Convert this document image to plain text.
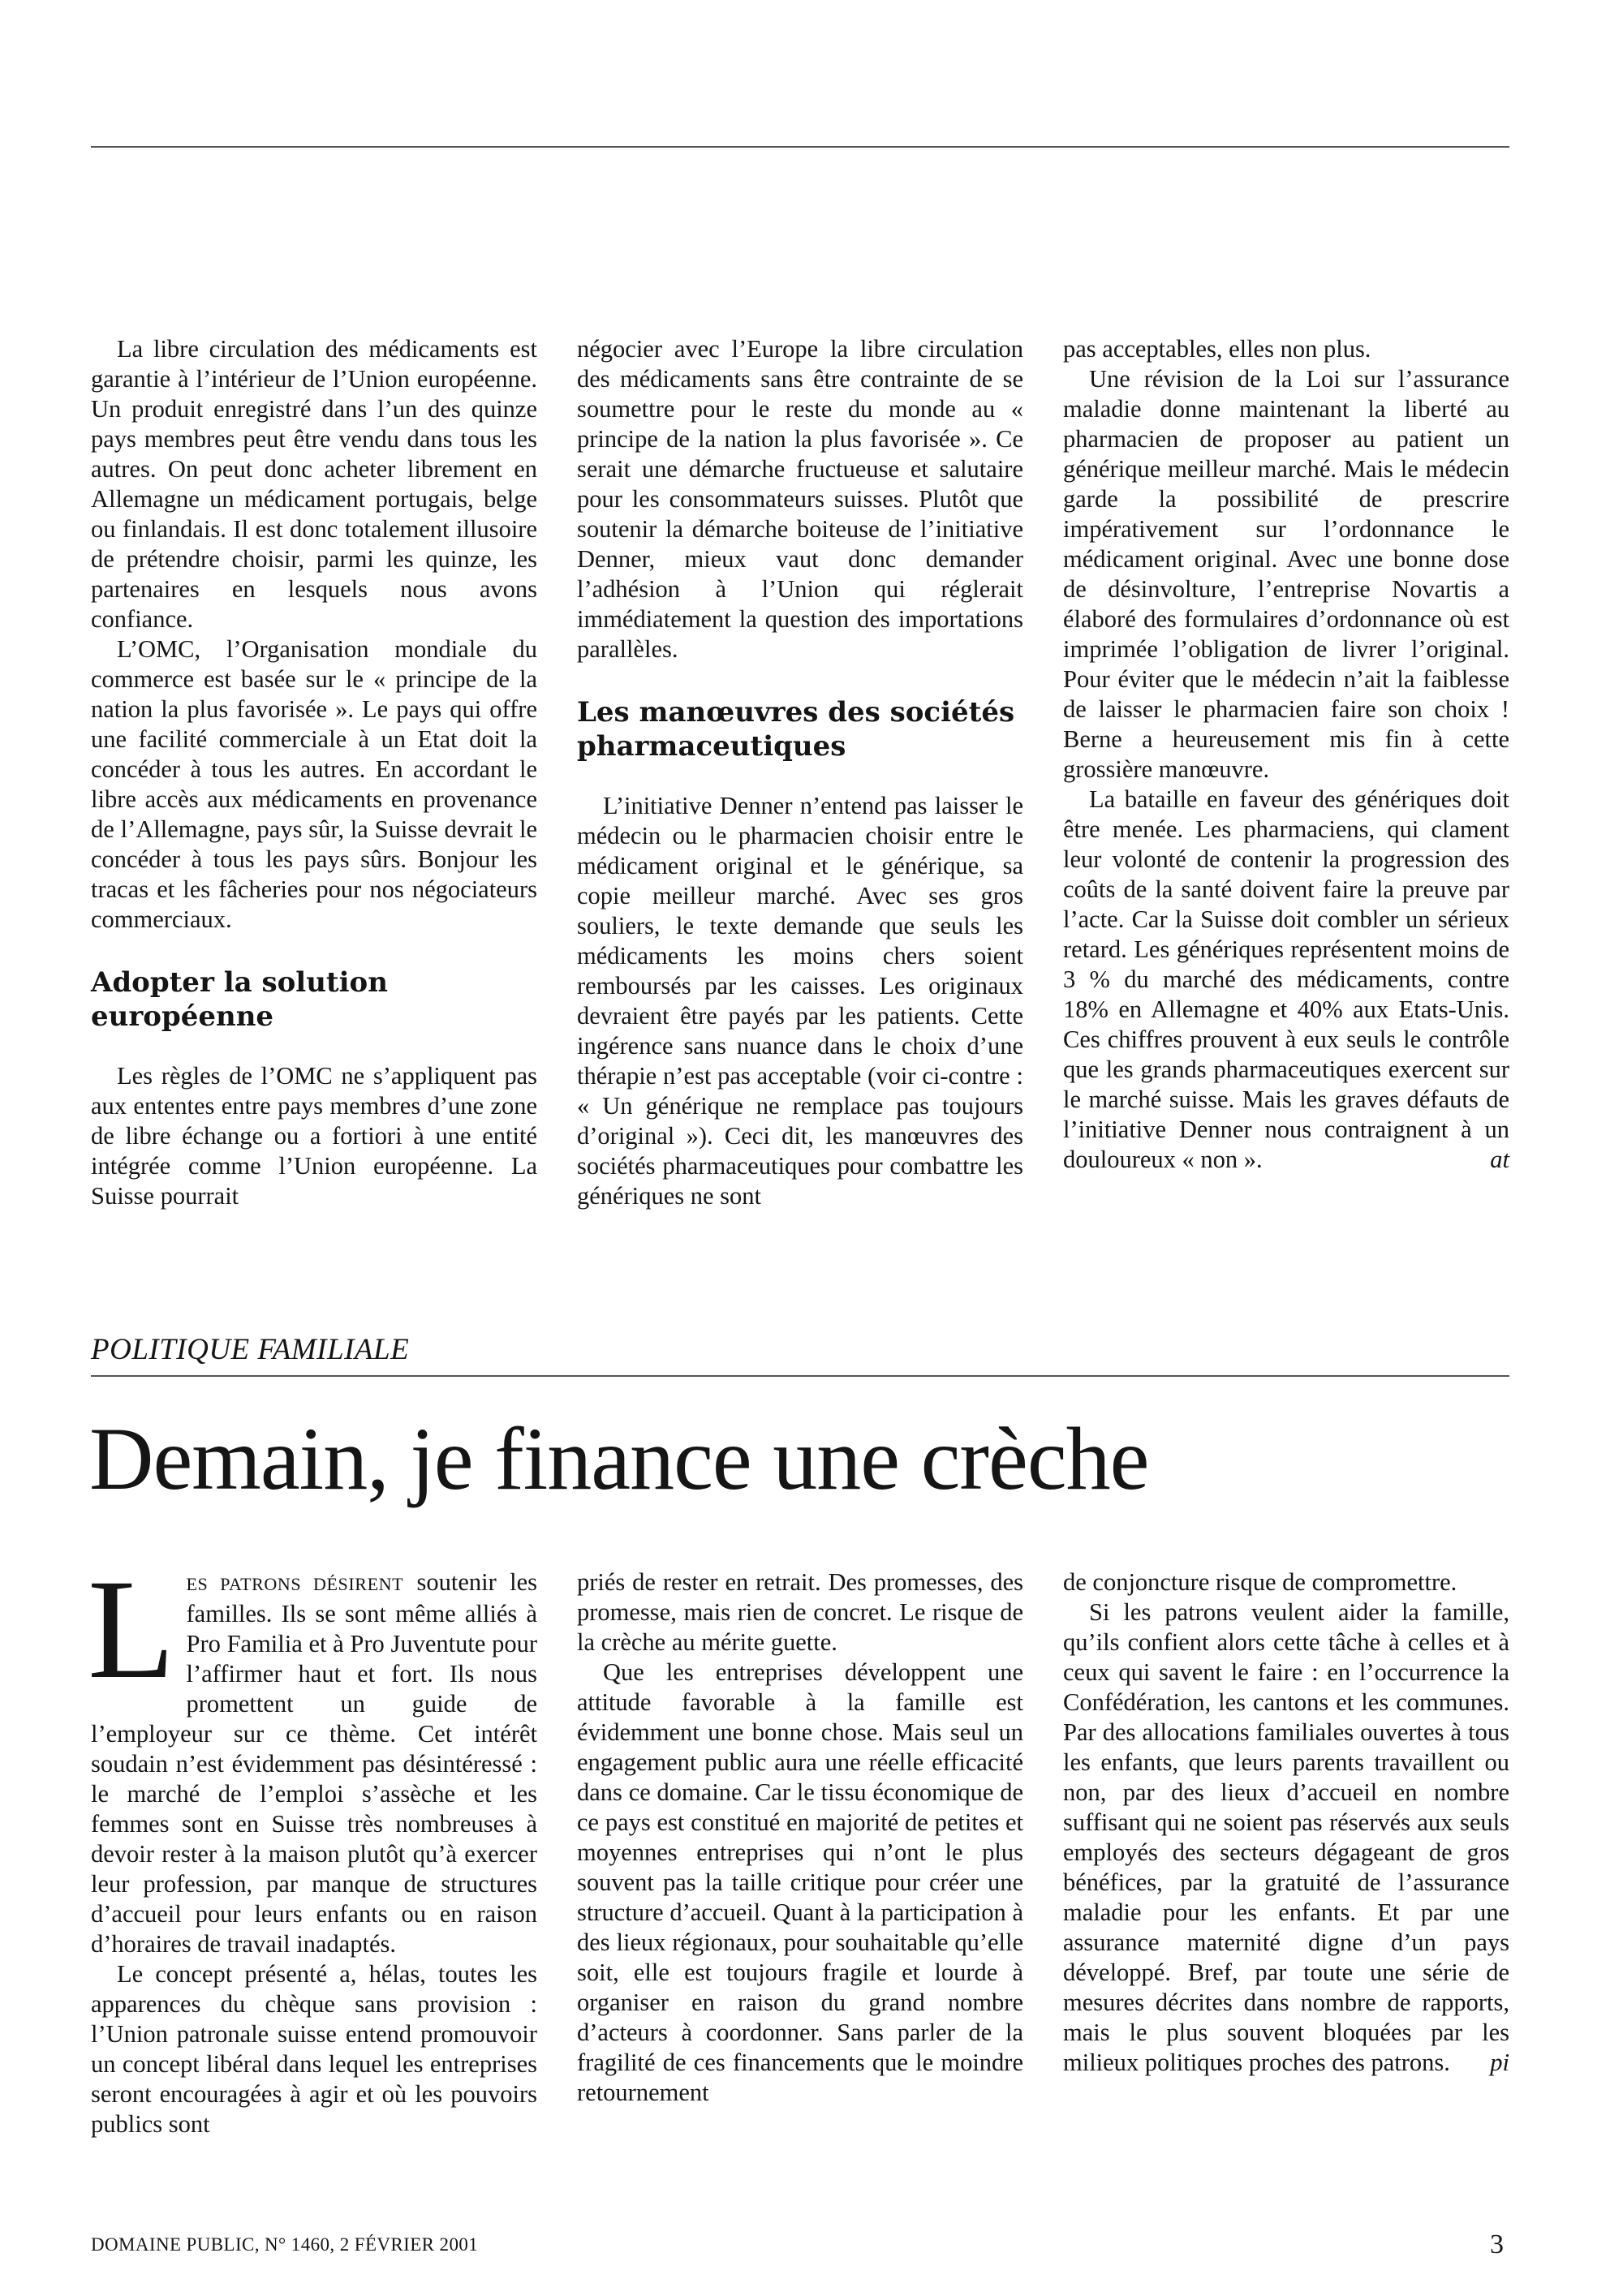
La libre circulation des médicaments est garantie à l’intérieur de l’Union européenne. Un produit enregistré dans l’un des quinze pays membres peut être vendu dans tous les autres. On peut donc acheter librement en Allemagne un médicament portugais, belge ou finlandais. Il est donc totalement illusoire de prétendre choisir, parmi les quinze, les partenaires en lesquels nous avons confiance.

L’OMC, l’Organisation mondiale du commerce est basée sur le « principe de la nation la plus favorisée ». Le pays qui offre une facilité commerciale à un Etat doit la concéder à tous les autres. En accordant le libre accès aux médicaments en provenance de l’Allemagne, pays sûr, la Suisse devrait le concéder à tous les pays sûrs. Bonjour les tracas et les fâcheries pour nos négociateurs commerciaux.

Adopter la solution européenne

Les règles de l’OMC ne s’appliquent pas aux ententes entre pays membres d’une zone de libre échange ou a fortiori à une entité intégrée comme l’Union européenne. La Suisse pourrait

négocier avec l’Europe la libre circulation des médicaments sans être contrainte de se soumettre pour le reste du monde au « principe de la nation la plus favorisée ». Ce serait une démarche fructueuse et salutaire pour les consommateurs suisses. Plutôt que soutenir la démarche boiteuse de l’initiative Denner, mieux vaut donc demander l’adhésion à l’Union qui réglerait immédiatement la question des importations parallèles.

Les manœuvres des sociétés pharmaceutiques

L’initiative Denner n’entend pas laisser le médecin ou le pharmacien choisir entre le médicament original et le générique, sa copie meilleur marché. Avec ses gros souliers, le texte demande que seuls les médicaments les moins chers soient remboursés par les caisses. Les originaux devraient être payés par les patients. Cette ingérence sans nuance dans le choix d’une thérapie n’est pas acceptable (voir ci-contre : « Un générique ne remplace pas toujours d’original »). Ceci dit, les manœuvres des sociétés pharmaceutiques pour combattre les génériques ne sont

pas acceptables, elles non plus.

Une révision de la Loi sur l’assurance maladie donne maintenant la liberté au pharmacien de proposer au patient un générique meilleur marché. Mais le médecin garde la possibilité de prescrire impérativement sur l’ordonnance le médicament original. Avec une bonne dose de désinvolture, l’entreprise Novartis a élaboré des formulaires d’ordonnance où est imprimée l’obligation de livrer l’original. Pour éviter que le médecin n’ait la faiblesse de laisser le pharmacien faire son choix ! Berne a heureusement mis fin à cette grossière manœuvre.

La bataille en faveur des génériques doit être menée. Les pharmaciens, qui clament leur volonté de contenir la progression des coûts de la santé doivent faire la preuve par l’acte. Car la Suisse doit combler un sérieux retard. Les génériques représentent moins de 3 % du marché des médicaments, contre 18% en Allemagne et 40% aux Etats-Unis. Ces chiffres prouvent à eux seuls le contrôle que les grands pharmaceutiques exercent sur le marché suisse. Mais les graves défauts de l’initiative Denner nous contraignent à un douloureux « non ».	at

POLITIQUE FAMILIALE
Demain, je finance une crèche

LES PATRONS DÉSIRENT soutenir les familles. Ils se sont même alliés à Pro Familia et à Pro Juventute pour l’affirmer haut et fort. Ils nous promettent un guide de l’employeur sur ce thème. Cet intérêt soudain n’est évidemment pas désintéressé : le marché de l’emploi s’assèche et les femmes sont en Suisse très nombreuses à devoir rester à la maison plutôt qu’à exercer leur profession, par manque de structures d’accueil pour leurs enfants ou en raison d’horaires de travail inadaptés.

Le concept présenté a, hélas, toutes les apparences du chèque sans provision : l’Union patronale suisse entend promouvoir un concept libéral dans lequel les entreprises seront encouragées à agir et où les pouvoirs publics sont

priés de rester en retrait. Des promesses, des promesse, mais rien de concret. Le risque de la crèche au mérite guette.

Que les entreprises développent une attitude favorable à la famille est évidemment une bonne chose. Mais seul un engagement public aura une réelle efficacité dans ce domaine. Car le tissu économique de ce pays est constitué en majorité de petites et moyennes entreprises qui n’ont le plus souvent pas la taille critique pour créer une structure d’accueil. Quant à la participation à des lieux régionaux, pour souhaitable qu’elle soit, elle est toujours fragile et lourde à organiser en raison du grand nombre d’acteurs à coordonner. Sans parler de la fragilité de ces financements que le moindre retournement

de conjoncture risque de compromettre.

Si les patrons veulent aider la famille, qu’ils confient alors cette tâche à celles et à ceux qui savent le faire : en l’occurrence la Confédération, les cantons et les communes. Par des allocations familiales ouvertes à tous les enfants, que leurs parents travaillent ou non, par des lieux d’accueil en nombre suffisant qui ne soient pas réservés aux seuls employés des secteurs dégageant de gros bénéfices, par la gratuité de l’assurance maladie pour les enfants. Et par une assurance maternité digne d’un pays développé. Bref, par toute une série de mesures décrites dans nombre de rapports, mais le plus souvent bloquées par les milieux politiques proches des patrons.	pi

DOMAINE PUBLIC, N° 1460, 2 FÉVRIER 2001	3
